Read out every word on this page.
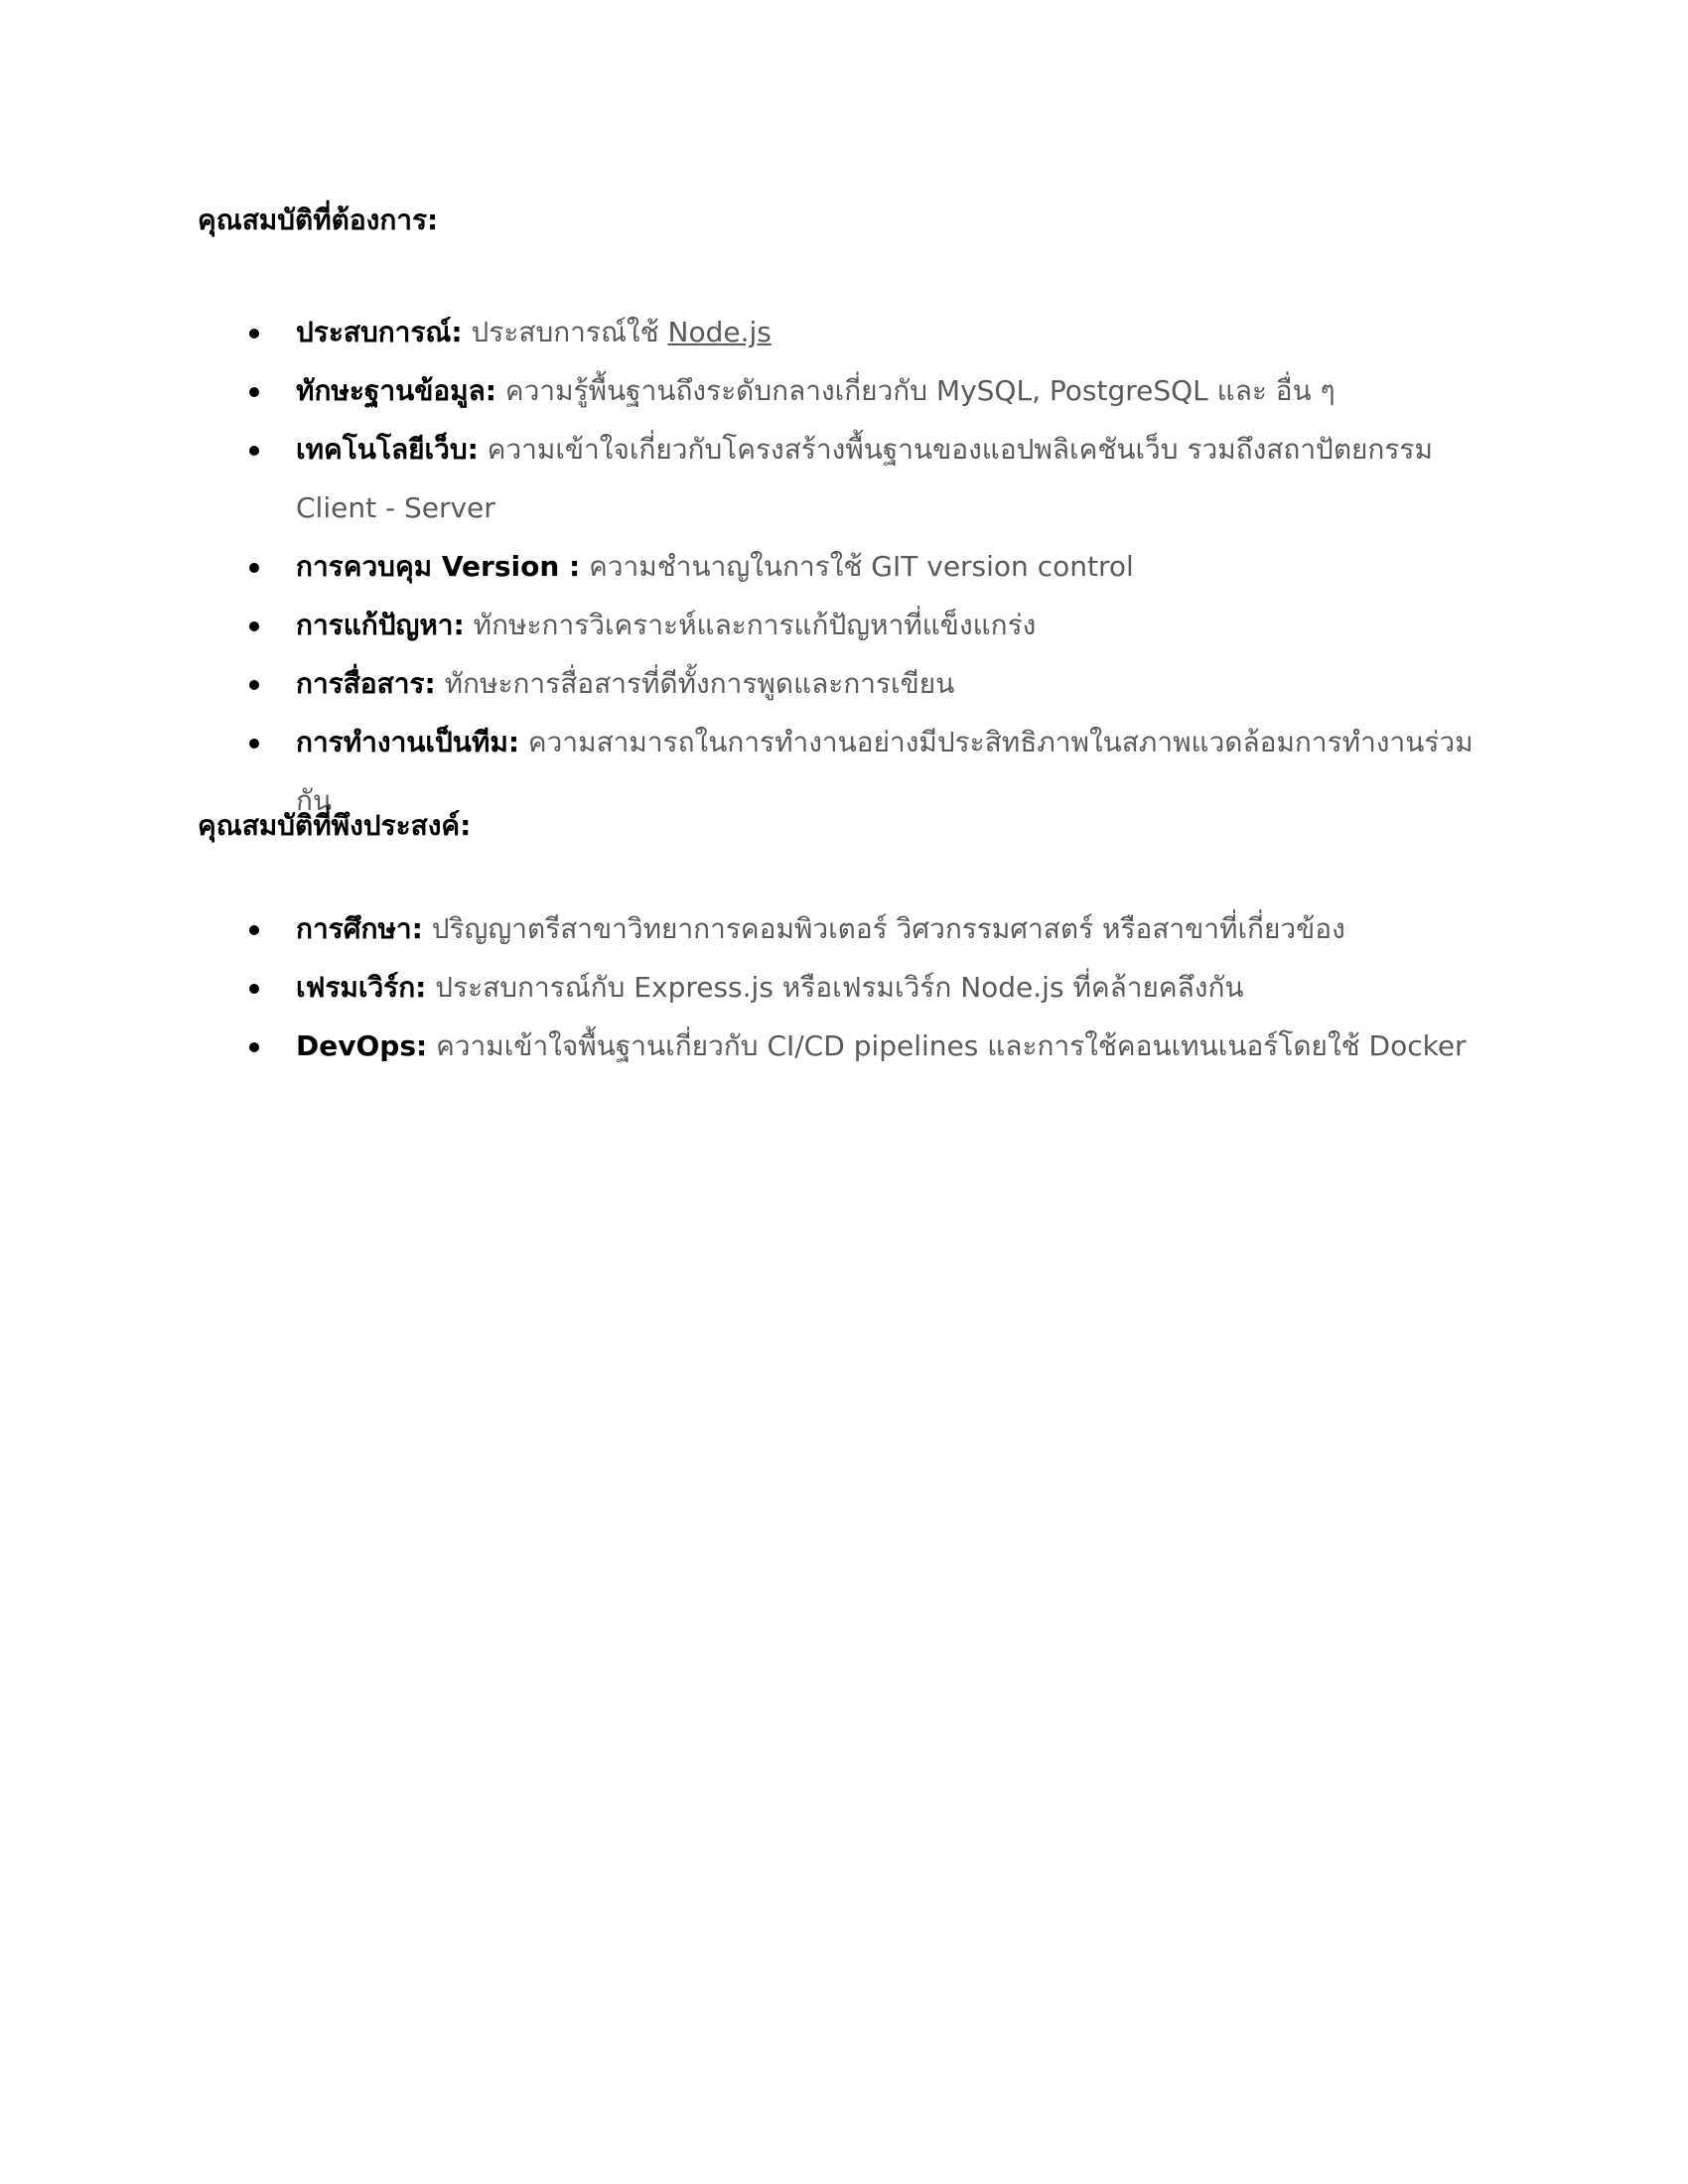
คุณสมบัติที่ต้องการ:
ประสบการณ์: ประสบการณ์ใช้ Node.js
ทักษะฐานข้อมูล: ความรู้พื้นฐานถึงระดับกลางเกี่ยวกับ MySQL, PostgreSQL และ อื่น ๆ
เทคโนโลยีเว็บ: ความเข้าใจเกี่ยวกับโครงสร้างพื้นฐานของแอปพลิเคชันเว็บ รวมถึงสถาปัตยกรรม Client - Server
การควบคุม Version : ความชำนาญในการใช้ GIT version control
การแก้ปัญหา: ทักษะการวิเคราะห์และการแก้ปัญหาที่แข็งแกร่ง
การสื่อสาร: ทักษะการสื่อสารที่ดีทั้งการพูดและการเขียน
การทำงานเป็นทีม: ความสามารถในการทำงานอย่างมีประสิทธิภาพในสภาพแวดล้อมการทำงานร่วมกัน
คุณสมบัติที่พึงประสงค์:
การศึกษา: ปริญญาตรีสาขาวิทยาการคอมพิวเตอร์ วิศวกรรมศาสตร์ หรือสาขาที่เกี่ยวข้อง
เฟรมเวิร์ก: ประสบการณ์กับ Express.js หรือเฟรมเวิร์ก Node.js ที่คล้ายคลึงกัน
DevOps: ความเข้าใจพื้นฐานเกี่ยวกับ CI/CD pipelines และการใช้คอนเทนเนอร์โดยใช้ Docker
